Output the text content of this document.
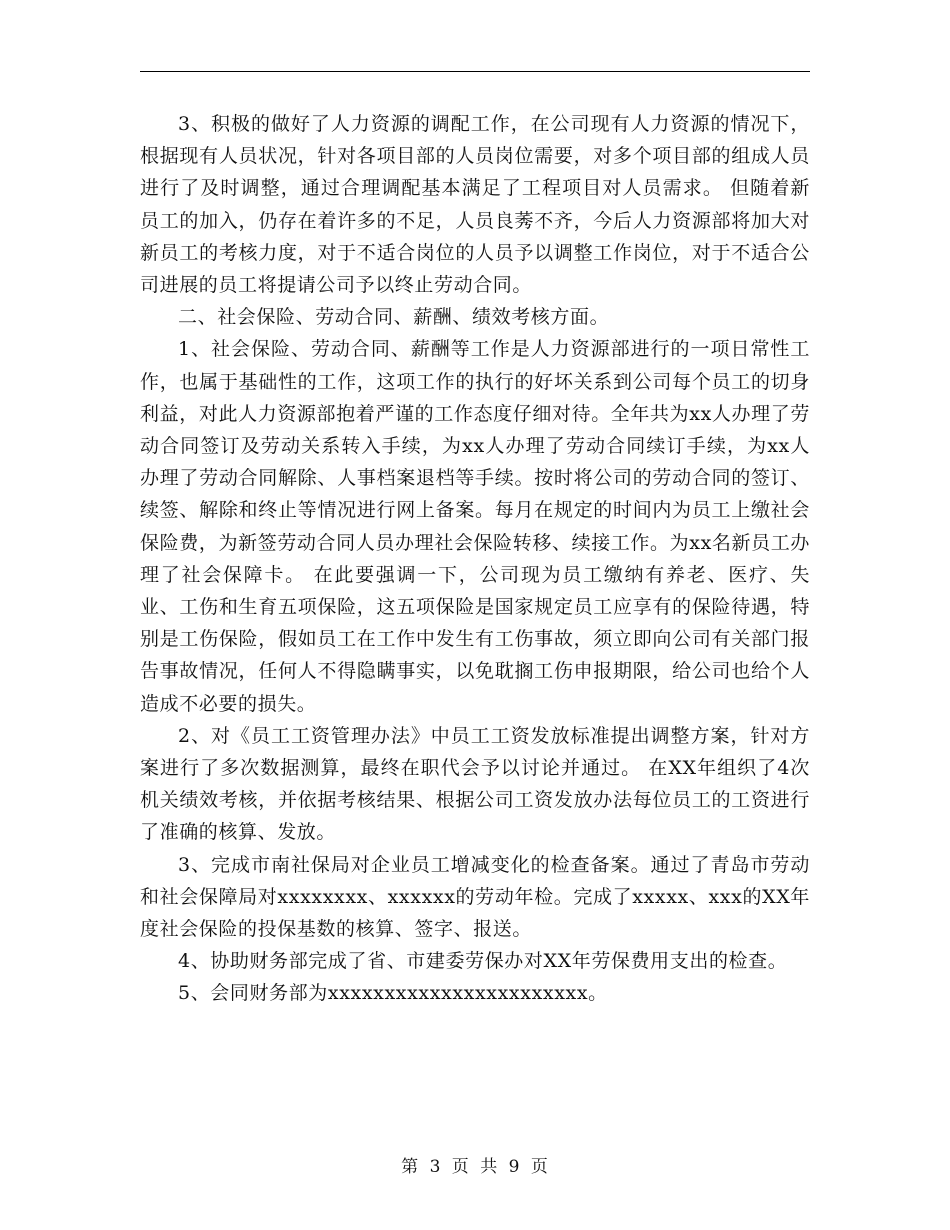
3、积极的做好了人力资源的调配工作，在公司现有人力资源的情况下，根据现有人员状况，针对各项目部的人员岗位需要，对多个项目部的组成人员进行了及时调整，通过合理调配基本满足了工程项目对人员需求。 但随着新员工的加入，仍存在着许多的不足，人员良莠不齐，今后人力资源部将加大对新员工的考核力度，对于不适合岗位的人员予以调整工作岗位，对于不适合公司进展的员工将提请公司予以终止劳动合同。

二、社会保险、劳动合同、薪酬、绩效考核方面。

1、社会保险、劳动合同、薪酬等工作是人力资源部进行的一项日常性工作，也属于基础性的工作，这项工作的执行的好坏关系到公司每个员工的切身利益，对此人力资源部抱着严谨的工作态度仔细对待。全年共为xx人办理了劳动合同签订及劳动关系转入手续，为xx人办理了劳动合同续订手续，为xx人办理了劳动合同解除、人事档案退档等手续。按时将公司的劳动合同的签订、续签、解除和终止等情况进行网上备案。每月在规定的时间内为员工上缴社会保险费，为新签劳动合同人员办理社会保险转移、续接工作。为xx名新员工办理了社会保障卡。 在此要强调一下，公司现为员工缴纳有养老、医疗、失业、工伤和生育五项保险，这五项保险是国家规定员工应享有的保险待遇，特别是工伤保险，假如员工在工作中发生有工伤事故，须立即向公司有关部门报告事故情况，任何人不得隐瞒事实，以免耽搁工伤申报期限，给公司也给个人造成不必要的损失。

2、对《员工工资管理办法》中员工工资发放标准提出调整方案，针对方案进行了多次数据测算，最终在职代会予以讨论并通过。 在XX年组织了4次机关绩效考核，并依据考核结果、根据公司工资发放办法每位员工的工资进行了准确的核算、发放。

3、完成市南社保局对企业员工增减变化的检查备案。通过了青岛市劳动和社会保障局对xxxxxxxx、xxxxxx的劳动年检。完成了xxxxx、xxx的XX年度社会保险的投保基数的核算、签字、报送。

4、协助财务部完成了省、市建委劳保办对XX年劳保费用支出的检查。

5、会同财务部为xxxxxxxxxxxxxxxxxxxxxxx。

第 3 页 共 9 页
